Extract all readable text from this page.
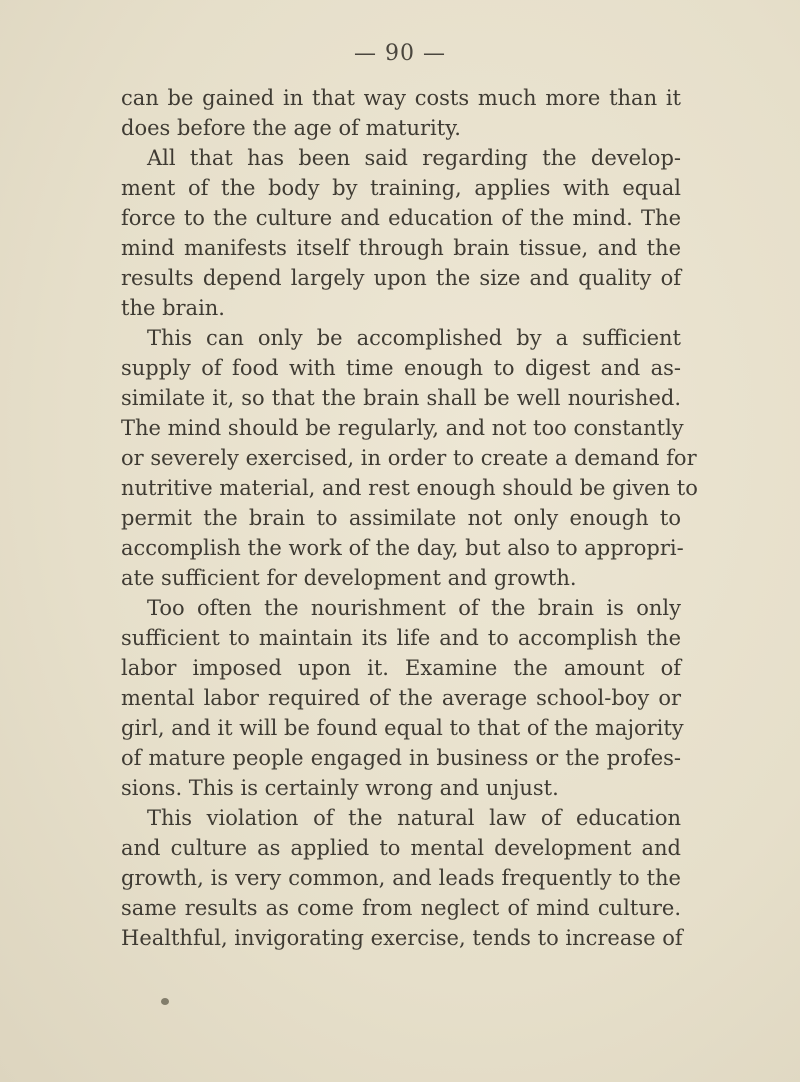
— 90 —
can be gained in that way costs much more than it
does before the age of maturity.
All that has been said regarding the develop-
ment of the body by training, applies with equal
force to the culture and education of the mind. The
mind manifests itself through brain tissue, and the
results depend largely upon the size and quality of
the brain.
This can only be accomplished by a sufficient
supply of food with time enough to digest and as-
similate it, so that the brain shall be well nourished.
The mind should be regularly, and not too constantly
or severely exercised, in order to create a demand for
nutritive material, and rest enough should be given to
permit the brain to assimilate not only enough to
accomplish the work of the day, but also to appropri-
ate sufficient for development and growth.
Too often the nourishment of the brain is only
sufficient to maintain its life and to accomplish the
labor imposed upon it. Examine the amount of
mental labor required of the average school-boy or
girl, and it will be found equal to that of the majority
of mature people engaged in business or the profes-
sions. This is certainly wrong and unjust.
This violation of the natural law of education
and culture as applied to mental development and
growth, is very common, and leads frequently to the
same results as come from neglect of mind culture.
Healthful, invigorating exercise, tends to increase of
